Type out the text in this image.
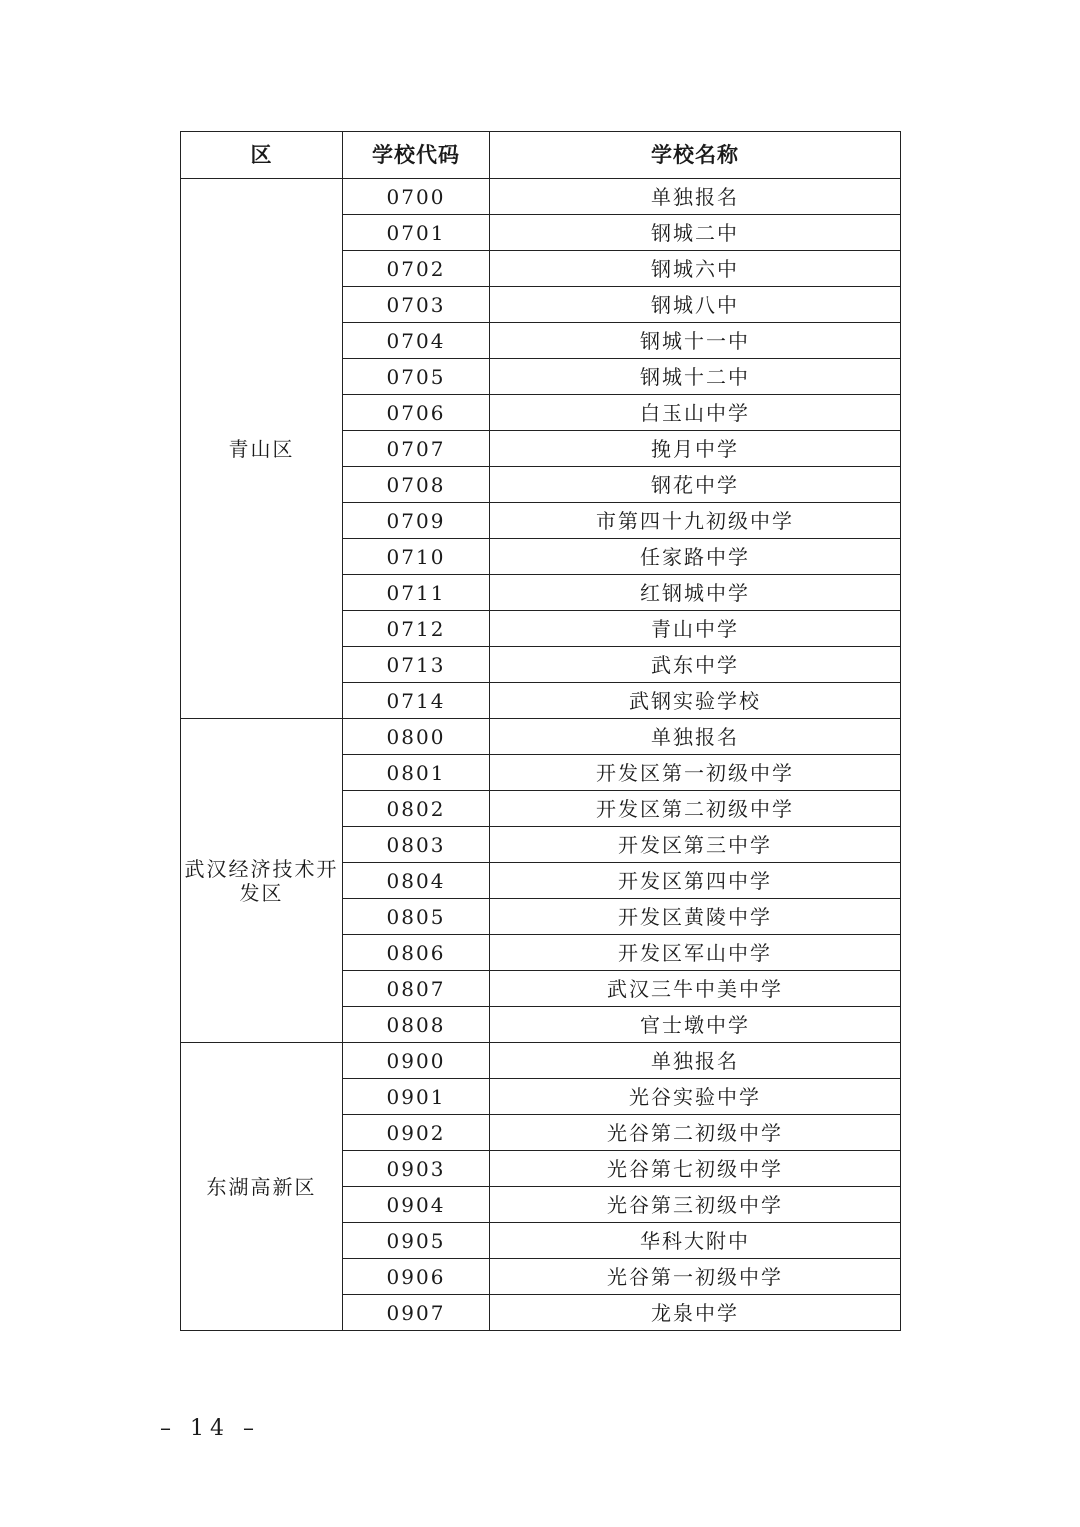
区	学校代码	学校名称
青山区	0700	单独报名
	0701	钢城二中
	0702	钢城六中
	0703	钢城八中
	0704	钢城十一中
	0705	钢城十二中
	0706	白玉山中学
	0707	挽月中学
	0708	钢花中学
	0709	市第四十九初级中学
	0710	任家路中学
	0711	红钢城中学
	0712	青山中学
	0713	武东中学
	0714	武钢实验学校
武汉经济技术开发区	0800	单独报名
	0801	开发区第一初级中学
	0802	开发区第二初级中学
	0803	开发区第三中学
	0804	开发区第四中学
	0805	开发区黄陵中学
	0806	开发区军山中学
	0807	武汉三牛中美中学
	0808	官士墩中学
东湖高新区	0900	单独报名
	0901	光谷实验中学
	0902	光谷第二初级中学
	0903	光谷第七初级中学
	0904	光谷第三初级中学
	0905	华科大附中
	0906	光谷第一初级中学
	0907	龙泉中学
– 14 –
